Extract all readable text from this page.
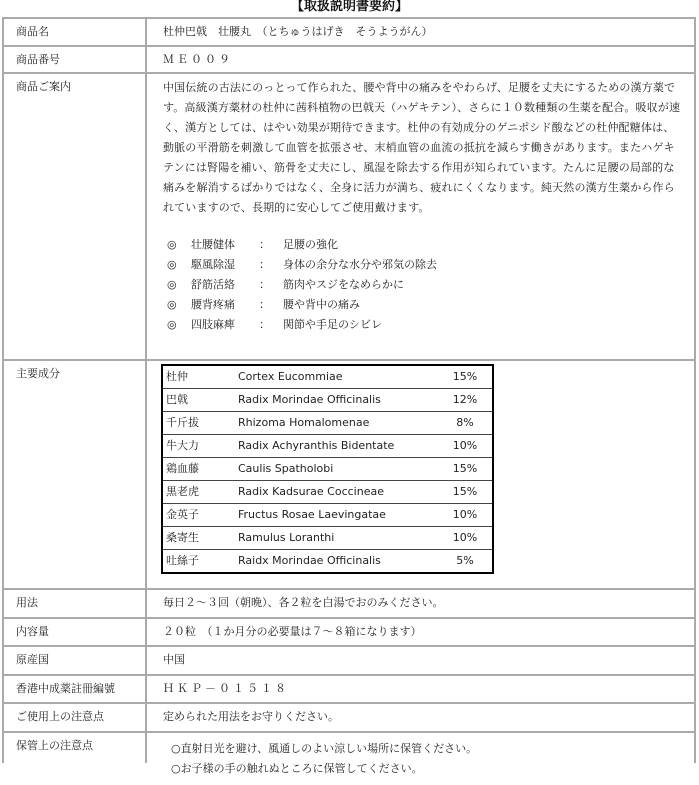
【取扱説明書要約】
商品名	杜仲巴戟　壮腰丸　（とちゅうはげき　そうようがん）
商品番号	ＭＥ００９
商品ご案内	中国伝統の古法にのっとって作られた、腰や背中の痛みをやわらげ、足腰を丈夫にするための漢方薬です。高級漢方薬材の杜仲に茜科植物の巴戟天（ハゲキテン）、さらに１０数種類の生薬を配合。吸収が速く、漢方としては、はやい効果が期待できます。杜仲の有効成分のゲニポシド酸などの杜仲配糖体は、動脈の平滑筋を刺激して血管を拡張させ、末梢血管の血流の抵抗を減らす働きがあります。またハゲキテンには腎陽を補い、筋骨を丈夫にし、風湿を除去する作用が知られています。たんに足腰の局部的な痛みを解消するばかりではなく、全身に活力が満ち、疲れにくくなります。純天然の漢方生薬から作られていますので、長期的に安心してご使用戴けます。

◎	壮腰健体	：	足腰の強化
◎	駆風除湿	：	身体の余分な水分や邪気の除去
◎	舒筋活絡	：	筋肉やスジをなめらかに
◎	腰背疼痛	：	腰や背中の痛み
◎	四肢麻痺	：	関節や手足のシビレ
主要成分	杜仲	Cortex Eucommiae	15%
巴戟	Radix Morindae Officinalis	12%
千斤拔	Rhizoma Homalomenae	8%
牛大力	Radix Achyranthis Bidentate	10%
鶏血藤	Caulis Spatholobi	15%
黒老虎	Radix Kadsurae Coccineae	15%
金英子	Fructus Rosae Laevingatae	10%
桑寄生	Ramulus Loranthi	10%
吐絲子	Raidx Morindae Officinalis	5%
用法	毎日２～３回（朝晩）、各２粒を白湯でおのみください。
内容量	２０粒　（１か月分の必要量は７～８箱になります）
原産国	中国
香港中成薬註冊編號	ＨＫＰ－０１５１８
ご使用上の注意点	定められた用法をお守りください。
保管上の注意点	○直射日光を避け、風通しのよい涼しい場所に保管ください。
○お子様の手の触れぬところに保管してください。
